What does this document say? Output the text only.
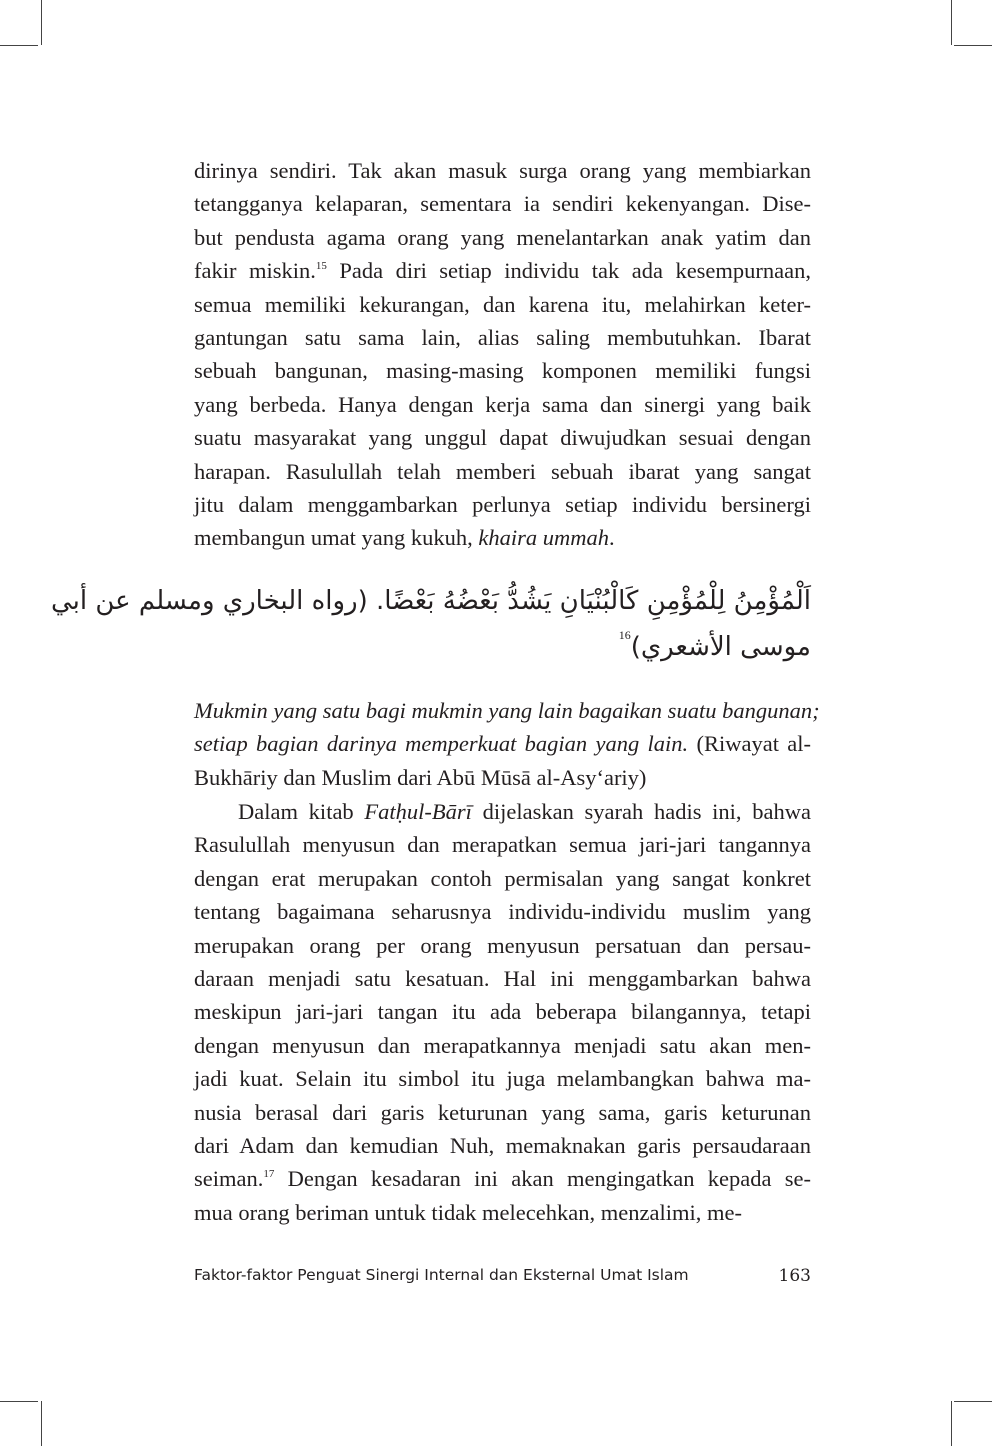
dirinya sendiri. Tak akan masuk surga orang yang membiarkan
tetangganya kelaparan, sementara ia sendiri kekenyangan. Dise-
but pendusta agama orang yang menelantarkan anak yatim dan
fakir miskin.$^{15}$ Pada diri setiap individu tak ada kesempurnaan,
semua memiliki kekurangan, dan karena itu, melahirkan keter-
gantungan satu sama lain, alias saling membutuhkan. Ibarat
sebuah bangunan, masing-masing komponen memiliki fungsi
yang berbeda. Hanya dengan kerja sama dan sinergi yang baik
suatu masyarakat yang unggul dapat diwujudkan sesuai dengan
harapan. Rasulullah telah memberi sebuah ibarat yang sangat
jitu dalam menggambarkan perlunya setiap individu bersinergi
membangun umat yang kukuh, khaira ummah.
اَلْمُؤْمِنُ لِلْمُؤْمِنِ كَالْبُنْيَانِ يَشُدُّ بَعْضُهُ بَعْضًا. (رواه البخاري ومسلم عن أبي
موسى الأشعري)$^{16}$
Mukmin yang satu bagi mukmin yang lain bagaikan suatu bangunan;
setiap bagian darinya memperkuat bagian yang lain. (Riwayat al-
Bukhāriy dan Muslim dari Abū Mūsā al-Asy‘ariy)
Dalam kitab Fatḥul-Bārī dijelaskan syarah hadis ini, bahwa
Rasulullah menyusun dan merapatkan semua jari-jari tangannya
dengan erat merupakan contoh permisalan yang sangat konkret
tentang bagaimana seharusnya individu-individu muslim yang
merupakan orang per orang menyusun persatuan dan persau-
daraan menjadi satu kesatuan. Hal ini menggambarkan bahwa
meskipun jari-jari tangan itu ada beberapa bilangannya, tetapi
dengan menyusun dan merapatkannya menjadi satu akan men-
jadi kuat. Selain itu simbol itu juga melambangkan bahwa ma-
nusia berasal dari garis keturunan yang sama, garis keturunan
dari Adam dan kemudian Nuh, memaknakan garis persaudaraan
seiman.$^{17}$ Dengan kesadaran ini akan mengingatkan kepada se-
mua orang beriman untuk tidak melecehkan, menzalimi, me-
Faktor-faktor Penguat Sinergi Internal dan Eksternal Umat Islam	163
